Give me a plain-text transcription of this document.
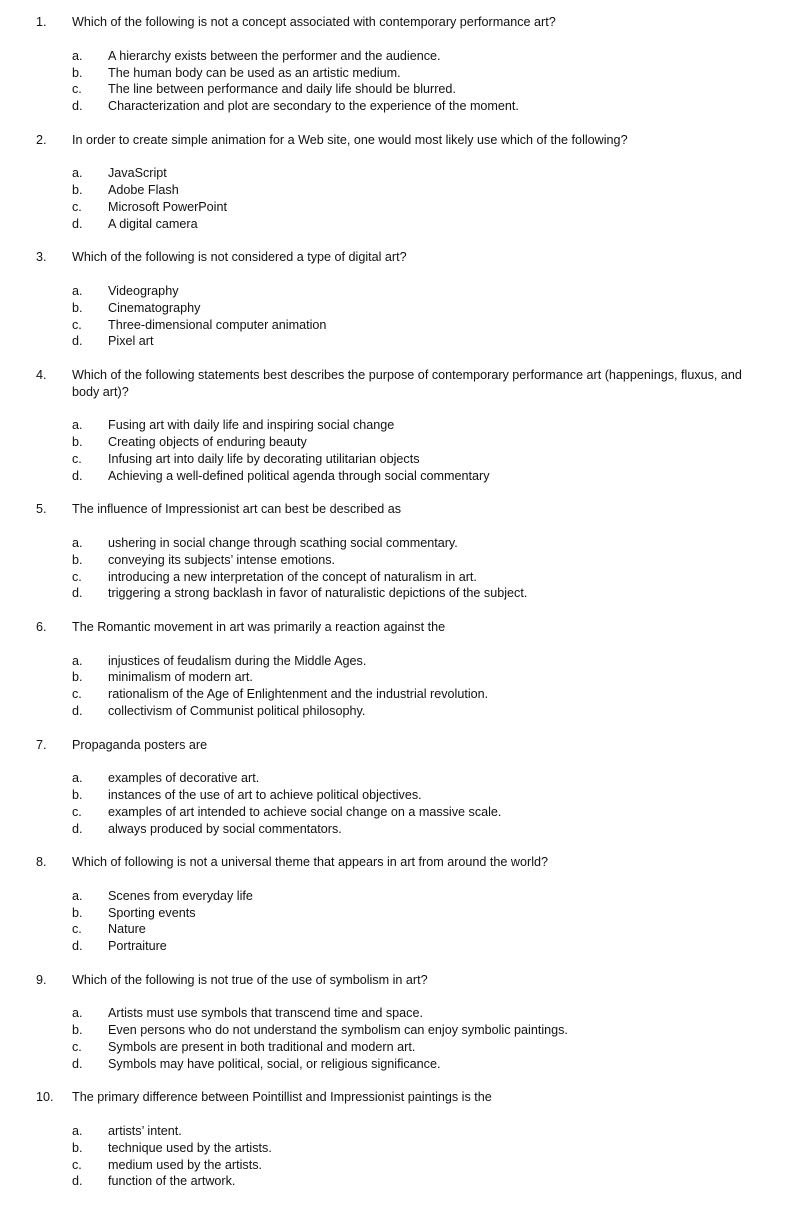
1. Which of the following is not a concept associated with contemporary performance art?
a. A hierarchy exists between the performer and the audience.
b. The human body can be used as an artistic medium.
c. The line between performance and daily life should be blurred.
d. Characterization and plot are secondary to the experience of the moment.
2. In order to create simple animation for a Web site, one would most likely use which of the following?
a. JavaScript
b. Adobe Flash
c. Microsoft PowerPoint
d. A digital camera
3. Which of the following is not considered a type of digital art?
a. Videography
b. Cinematography
c. Three-dimensional computer animation
d. Pixel art
4. Which of the following statements best describes the purpose of contemporary performance art (happenings, fluxus, and body art)?
a. Fusing art with daily life and inspiring social change
b. Creating objects of enduring beauty
c. Infusing art into daily life by decorating utilitarian objects
d. Achieving a well-defined political agenda through social commentary
5. The influence of Impressionist art can best be described as
a. ushering in social change through scathing social commentary.
b. conveying its subjects’ intense emotions.
c. introducing a new interpretation of the concept of naturalism in art.
d. triggering a strong backlash in favor of naturalistic depictions of the subject.
6. The Romantic movement in art was primarily a reaction against the
a. injustices of feudalism during the Middle Ages.
b. minimalism of modern art.
c. rationalism of the Age of Enlightenment and the industrial revolution.
d. collectivism of Communist political philosophy.
7. Propaganda posters are
a. examples of decorative art.
b. instances of the use of art to achieve political objectives.
c. examples of art intended to achieve social change on a massive scale.
d. always produced by social commentators.
8. Which of following is not a universal theme that appears in art from around the world?
a. Scenes from everyday life
b. Sporting events
c. Nature
d. Portraiture
9. Which of the following is not true of the use of symbolism in art?
a. Artists must use symbols that transcend time and space.
b. Even persons who do not understand the symbolism can enjoy symbolic paintings.
c. Symbols are present in both traditional and modern art.
d. Symbols may have political, social, or religious significance.
10. The primary difference between Pointillist and Impressionist paintings is the
a. artists’ intent.
b. technique used by the artists.
c. medium used by the artists.
d. function of the artwork.
